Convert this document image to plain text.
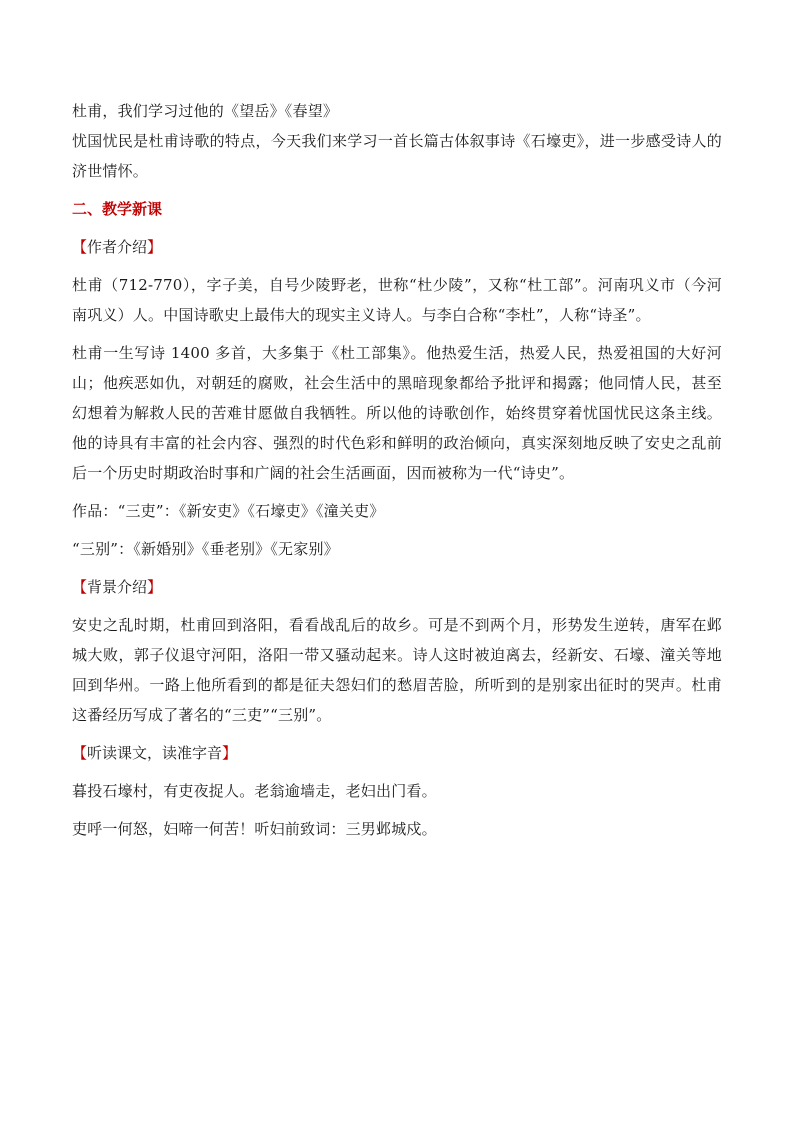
杜甫，我们学习过他的《望岳》《春望》
忧国忧民是杜甫诗歌的特点，今天我们来学习一首长篇古体叙事诗《石壕吏》，进一步感受诗人的济世情怀。
二、教学新课
【作者介绍】
杜甫（712-770），字子美，自号少陵野老，世称“杜少陵”，又称“杜工部”。河南巩义市（今河南巩义）人。中国诗歌史上最伟大的现实主义诗人。与李白合称“李杜”，人称“诗圣”。
杜甫一生写诗 1400 多首，大多集于《杜工部集》。他热爱生活，热爱人民，热爱祖国的大好河山；他疾恶如仇，对朝廷的腐败，社会生活中的黑暗现象都给予批评和揭露；他同情人民，甚至幻想着为解救人民的苦难甘愿做自我牺牲。所以他的诗歌创作，始终贯穿着忧国忧民这条主线。他的诗具有丰富的社会内容、强烈的时代色彩和鲜明的政治倾向，真实深刻地反映了安史之乱前后一个历史时期政治时事和广阔的社会生活画面，因而被称为一代“诗史”。
作品：“三吏”：《新安吏》《石壕吏》《潼关吏》
“三别”：《新婚别》《垂老别》《无家别》
【背景介绍】
安史之乱时期，杜甫回到洛阳，看看战乱后的故乡。可是不到两个月，形势发生逆转，唐军在邺城大败，郭子仪退守河阳，洛阳一带又骚动起来。诗人这时被迫离去，经新安、石壕、潼关等地回到华州。一路上他所看到的都是征夫怨妇们的愁眉苦脸，所听到的是别家出征时的哭声。杜甫这番经历写成了著名的“三吏”“三别”。
【听读课文，读准字音】
暮投石壕村，有吏夜捉人。老翁逾墙走，老妇出门看。
吏呼一何怒，妇啼一何苦！听妇前致词：三男邺城戍。
